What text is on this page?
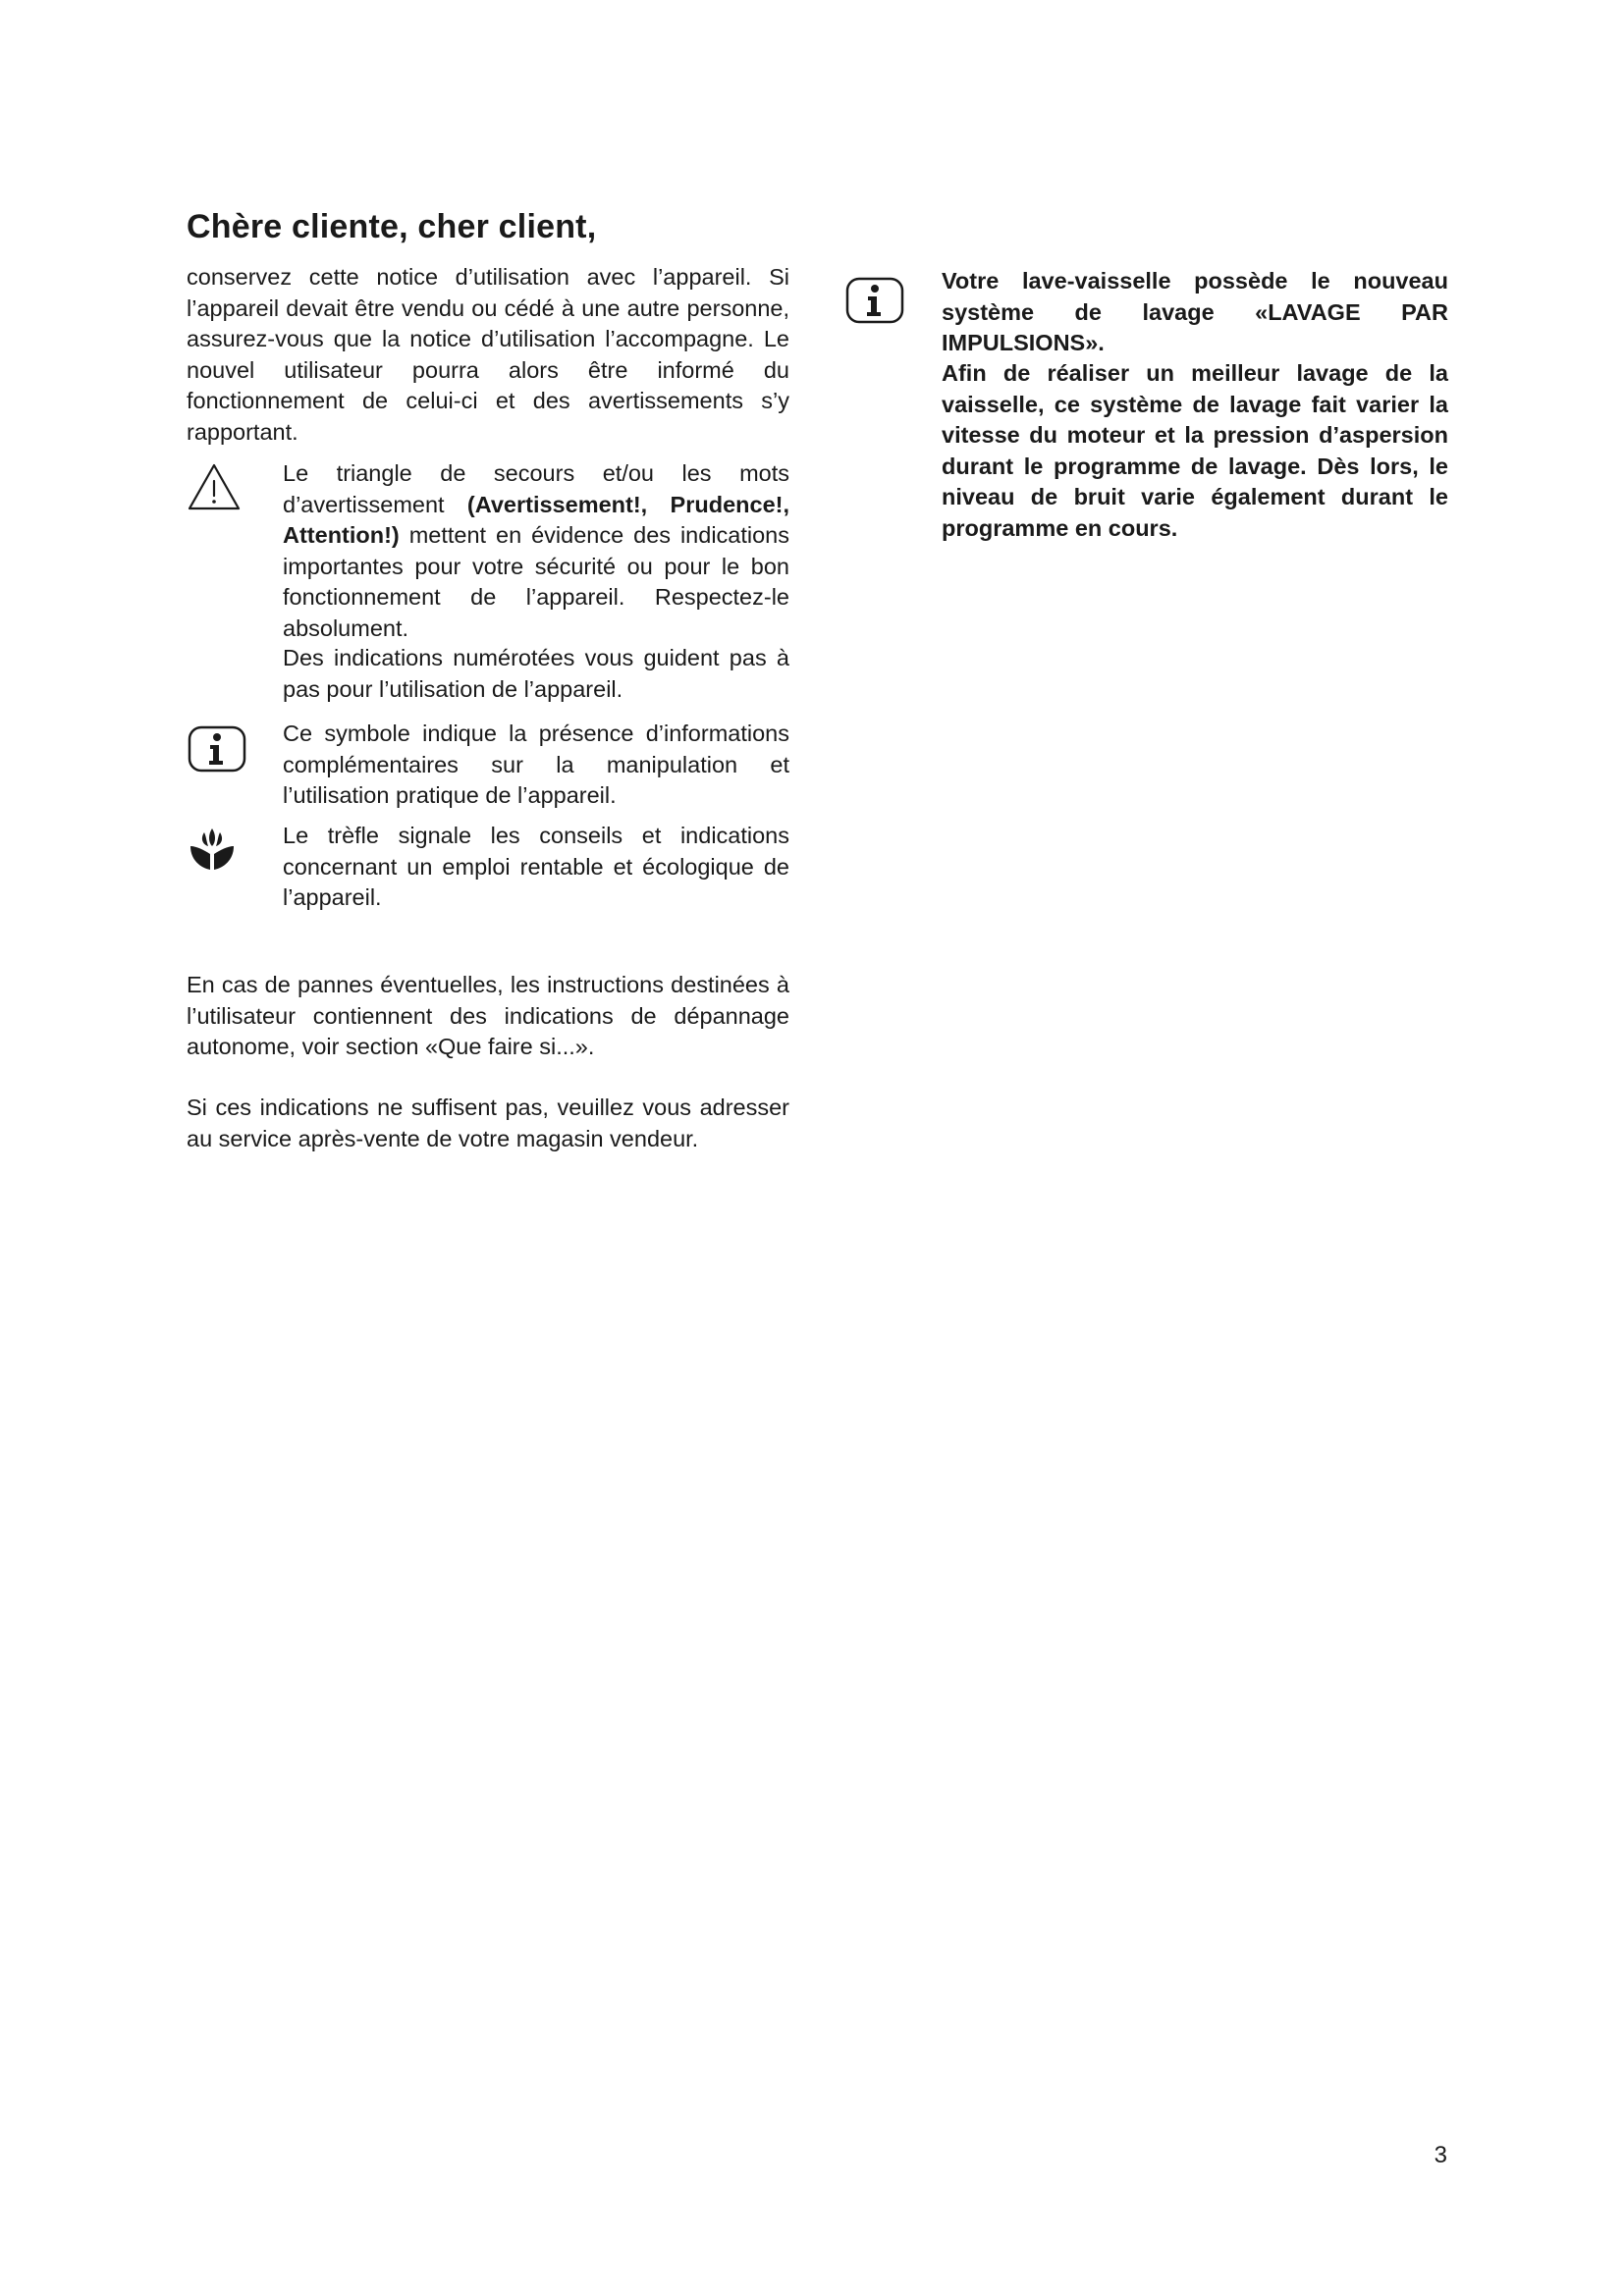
Chère cliente, cher client,

conservez cette notice d’utilisation avec l’appareil. Si l’appareil devait être vendu ou cédé à une autre personne, assurez-vous que la notice d’utilisation l’accompagne. Le nouvel utilisateur pourra alors être informé du fonctionnement de celui-ci et des avertissements s’y rapportant.

Le triangle de secours et/ou les mots d’avertissement (Avertissement!, Prudence!, Attention!) mettent en évidence des indications importantes pour votre sécurité ou pour le bon fonctionnement de l’appareil. Respectez-le absolument.

Des indications numérotées vous guident pas à pas pour l’utilisation de l’appareil.

Ce symbole indique la présence d’informations complémentaires sur la manipulation et l’utilisation pratique de l’appareil.

Le trèfle signale les conseils et indications concernant un emploi rentable et écologique de l’appareil.

En cas de pannes éventuelles, les instructions destinées à l’utilisateur contiennent des indications de dépannage autonome, voir section «Que faire si...».

Si ces indications ne suffisent pas, veuillez vous adresser au service après-vente de votre magasin vendeur.

Votre lave-vaisselle possède le nouveau système de lavage «LAVAGE PAR IMPULSIONS».

Afin de réaliser un meilleur lavage de la vaisselle, ce système de lavage fait varier la vitesse du moteur et la pression d’aspersion durant le programme de lavage. Dès lors, le niveau de bruit varie également durant le programme en cours.

3
